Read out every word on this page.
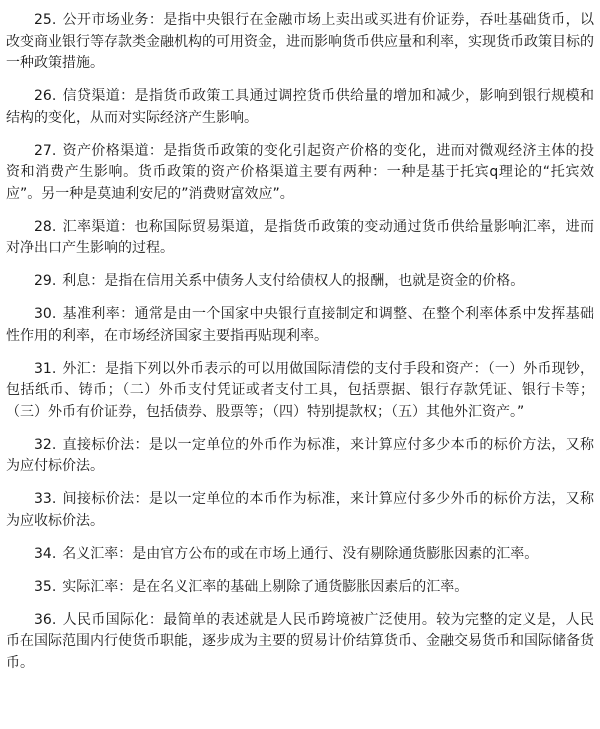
25. 公开市场业务：是指中央银行在金融市场上卖出或买进有价证券，吞吐基础货币，以改变商业银行等存款类金融机构的可用资金，进而影响货币供应量和利率，实现货币政策目标的一种政策措施。

26. 信贷渠道：是指货币政策工具通过调控货币供给量的增加和减少，影响到银行规模和结构的变化，从而对实际经济产生影响。

27. 资产价格渠道：是指货币政策的变化引起资产价格的变化，进而对微观经济主体的投资和消费产生影响。货币政策的资产价格渠道主要有两种：一种是基于托宾q理论的“托宾效应”。另一种是莫迪利安尼的”消费财富效应”。

28. 汇率渠道：也称国际贸易渠道，是指货币政策的变动通过货币供给量影响汇率，进而对净出口产生影响的过程。

29. 利息：是指在信用关系中债务人支付给债权人的报酬，也就是资金的价格。

30. 基准利率：通常是由一个国家中央银行直接制定和调整、在整个利率体系中发挥基础性作用的利率，在市场经济国家主要指再贴现利率。

31. 外汇：是指下列以外币表示的可以用做国际清偿的支付手段和资产：（一）外币现钞，包括纸币、铸币；（二）外币支付凭证或者支付工具，包括票据、银行存款凭证、银行卡等；（三）外币有价证券，包括债券、股票等；（四）特别提款权；（五）其他外汇资产。”

32. 直接标价法：是以一定单位的外币作为标准，来计算应付多少本币的标价方法，又称为应付标价法。

33. 间接标价法：是以一定单位的本币作为标准，来计算应付多少外币的标价方法，又称为应收标价法。

34. 名义汇率：是由官方公布的或在市场上通行、没有剔除通货膨胀因素的汇率。

35. 实际汇率：是在名义汇率的基础上剔除了通货膨胀因素后的汇率。

36. 人民币国际化：最简单的表述就是人民币跨境被广泛使用。较为完整的定义是，人民币在国际范围内行使货币职能，逐步成为主要的贸易计价结算货币、金融交易货币和国际储备货币。
